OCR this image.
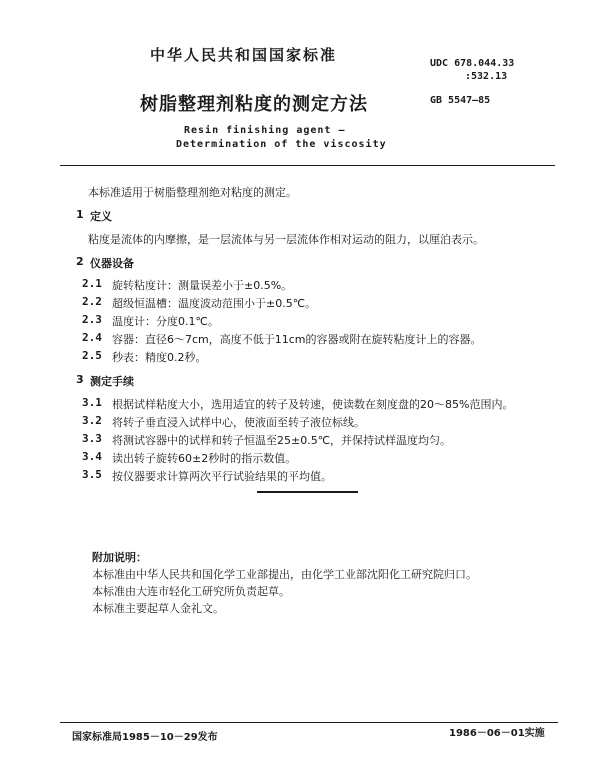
中华人民共和国国家标准	UDC 678.044.33
:532.13
树脂整理剂粘度的测定方法	GB 5547—85
Resin finishing agent —
Determination of the viscosity
本标准适用于树脂整理剂绝对粘度的测定。
1 定义
粘度是流体的内摩擦，是一层流体与另一层流体作相对运动的阻力，以厘泊表示。
2 仪器设备
2.1 旋转粘度计：测量误差小于±0.5%。
2.2 超级恒温槽：温度波动范围小于±0.5℃。
2.3 温度计：分度0.1℃。
2.4 容器：直径6～7cm，高度不低于11cm的容器或附在旋转粘度计上的容器。
2.5 秒表：精度0.2秒。
3 测定手续
3.1 根据试样粘度大小，选用适宜的转子及转速，使读数在刻度盘的20～85%范围内。
3.2 将转子垂直浸入试样中心，使液面至转子液位标线。
3.3 将测试容器中的试样和转子恒温至25±0.5℃，并保持试样温度均匀。
3.4 读出转子旋转60±2秒时的指示数值。
3.5 按仪器要求计算两次平行试验结果的平均值。
附加说明：
本标准由中华人民共和国化学工业部提出，由化学工业部沈阳化工研究院归口。
本标准由大连市轻化工研究所负责起草。
本标准主要起草人金礼文。
国家标准局1985－10－29发布	1986－06－01实施
